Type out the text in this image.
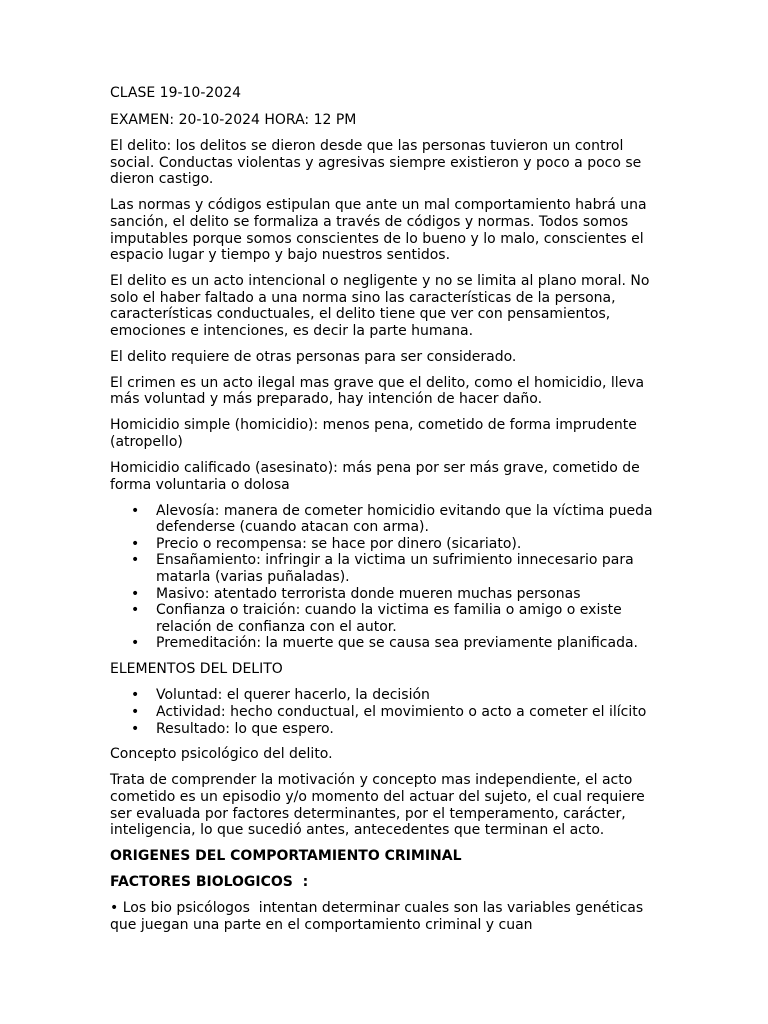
CLASE 19-10-2024

EXAMEN: 20-10-2024 HORA: 12 PM

El delito: los delitos se dieron desde que las personas tuvieron un control social. Conductas violentas y agresivas siempre existieron y poco a poco se dieron castigo.

Las normas y códigos estipulan que ante un mal comportamiento habrá una sanción, el delito se formaliza a través de códigos y normas. Todos somos imputables porque somos conscientes de lo bueno y lo malo, conscientes el espacio lugar y tiempo y bajo nuestros sentidos.

El delito es un acto intencional o negligente y no se limita al plano moral. No solo el haber faltado a una norma sino las características de la persona, características conductuales, el delito tiene que ver con pensamientos, emociones e intenciones, es decir la parte humana.

El delito requiere de otras personas para ser considerado.

El crimen es un acto ilegal mas grave que el delito, como el homicidio, lleva más voluntad y más preparado, hay intención de hacer daño.

Homicidio simple (homicidio): menos pena, cometido de forma imprudente (atropello)

Homicidio calificado (asesinato): más pena por ser más grave, cometido de forma voluntaria o dolosa

• Alevosía: manera de cometer homicidio evitando que la víctima pueda defenderse (cuando atacan con arma).
• Precio o recompensa: se hace por dinero (sicariato).
• Ensañamiento: infringir a la victima un sufrimiento innecesario para matarla (varias puñaladas).
• Masivo: atentado terrorista donde mueren muchas personas
• Confianza o traición: cuando la victima es familia o amigo o existe relación de confianza con el autor.
• Premeditación: la muerte que se causa sea previamente planificada.

ELEMENTOS DEL DELITO

• Voluntad: el querer hacerlo, la decisión
• Actividad: hecho conductual, el movimiento o acto a cometer el ilícito
• Resultado: lo que espero.

Concepto psicológico del delito.

Trata de comprender la motivación y concepto mas independiente, el acto cometido es un episodio y/o momento del actuar del sujeto, el cual requiere ser evaluada por factores determinantes, por el temperamento, carácter, inteligencia, lo que sucedió antes, antecedentes que terminan el acto.

ORIGENES DEL COMPORTAMIENTO CRIMINAL

FACTORES BIOLOGICOS  :

• Los bio psicólogos  intentan determinar cuales son las variables genéticas  que juegan una parte en el comportamiento criminal y cuan
